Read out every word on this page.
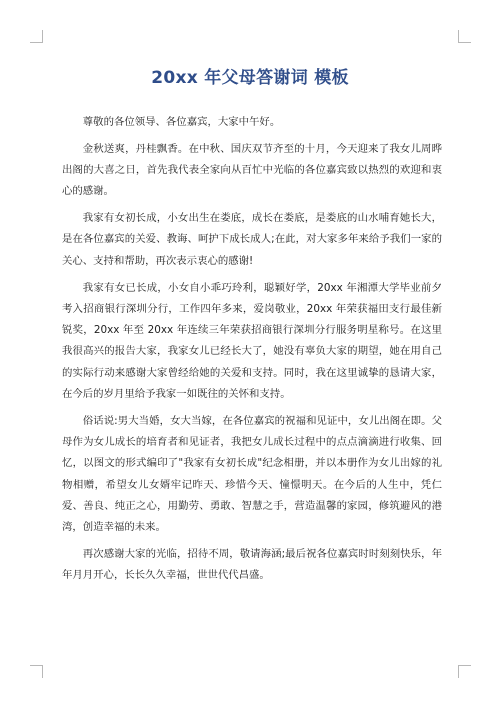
20xx 年父母答谢词 模板

尊敬的各位领导、各位嘉宾，大家中午好。

金秋送爽，丹桂飘香。在中秋、国庆双节齐至的十月，今天迎来了我女儿周晔出阁的大喜之日，首先我代表全家向从百忙中光临的各位嘉宾致以热烈的欢迎和衷心的感谢。

我家有女初长成，小女出生在娄底，成长在娄底，是娄底的山水哺育她长大，是在各位嘉宾的关爱、教诲、呵护下成长成人;在此，对大家多年来给予我们一家的关心、支持和帮助，再次表示衷心的感谢!

我家有女已长成，小女自小乖巧玲利，聪颖好学，20xx 年湘潭大学毕业前夕考入招商银行深圳分行，工作四年多来，爱岗敬业，20xx 年荣获福田支行最佳新锐奖，20xx 年至 20xx 年连续三年荣获招商银行深圳分行服务明星称号。在这里我很高兴的报告大家，我家女儿已经长大了，她没有辜负大家的期望，她在用自己的实际行动来感谢大家曾经给她的关爱和支持。同时，我在这里诚挚的恳请大家，在今后的岁月里给予我家一如既往的关怀和支持。

俗话说:男大当婚，女大当嫁，在各位嘉宾的祝福和见证中，女儿出阁在即。父母作为女儿成长的培育者和见证者，我把女儿成长过程中的点点滴滴进行收集、回忆，以图文的形式编印了"我家有女初长成"纪念相册，并以本册作为女儿出嫁的礼物相赠，希望女儿女婿牢记昨天、珍惜今天、憧憬明天。在今后的人生中，凭仁爱、善良、纯正之心，用勤劳、勇敢、智慧之手，营造温馨的家园，修筑避风的港湾，创造幸福的未来。

再次感谢大家的光临，招待不周，敬请海涵;最后祝各位嘉宾时时刻刻快乐，年年月月开心，长长久久幸福，世世代代昌盛。
